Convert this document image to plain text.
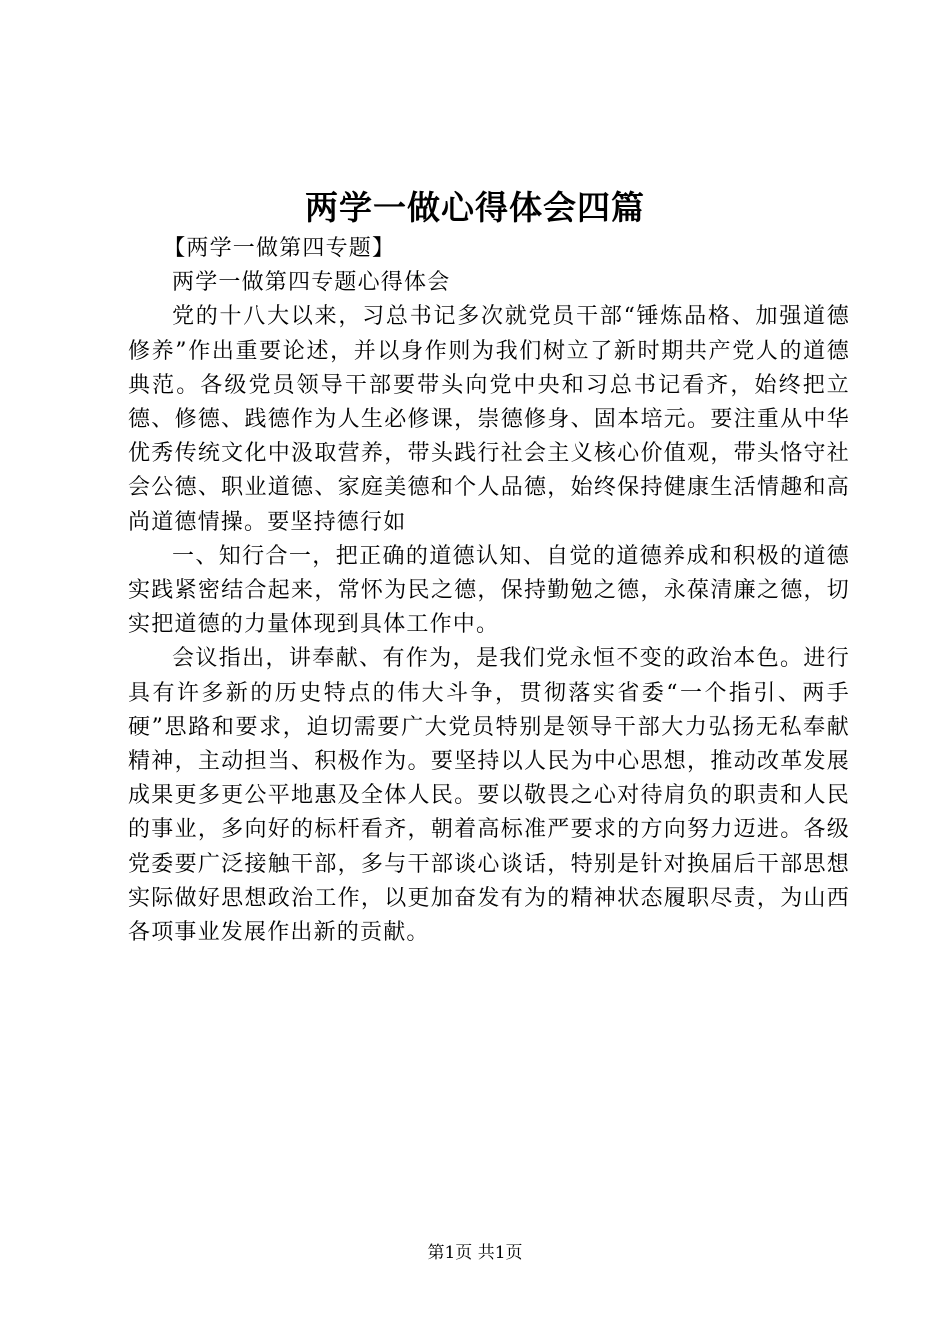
两学一做心得体会四篇

【两学一做第四专题】

两学一做第四专题心得体会

党的十八大以来，习总书记多次就党员干部“锤炼品格、加强道德修养”作出重要论述，并以身作则为我们树立了新时期共产党人的道德典范。各级党员领导干部要带头向党中央和习总书记看齐，始终把立德、修德、践德作为人生必修课，崇德修身、固本培元。要注重从中华优秀传统文化中汲取营养，带头践行社会主义核心价值观，带头恪守社会公德、职业道德、家庭美德和个人品德，始终保持健康生活情趣和高尚道德情操。要坚持德行如

一、知行合一，把正确的道德认知、自觉的道德养成和积极的道德实践紧密结合起来，常怀为民之德，保持勤勉之德，永葆清廉之德，切实把道德的力量体现到具体工作中。

会议指出，讲奉献、有作为，是我们党永恒不变的政治本色。进行具有许多新的历史特点的伟大斗争，贯彻落实省委“一个指引、两手硬”思路和要求，迫切需要广大党员特别是领导干部大力弘扬无私奉献精神，主动担当、积极作为。要坚持以人民为中心思想，推动改革发展成果更多更公平地惠及全体人民。要以敬畏之心对待肩负的职责和人民的事业，多向好的标杆看齐，朝着高标准严要求的方向努力迈进。各级党委要广泛接触干部，多与干部谈心谈话，特别是针对换届后干部思想实际做好思想政治工作，以更加奋发有为的精神状态履职尽责，为山西各项事业发展作出新的贡献。

第1页 共1页
